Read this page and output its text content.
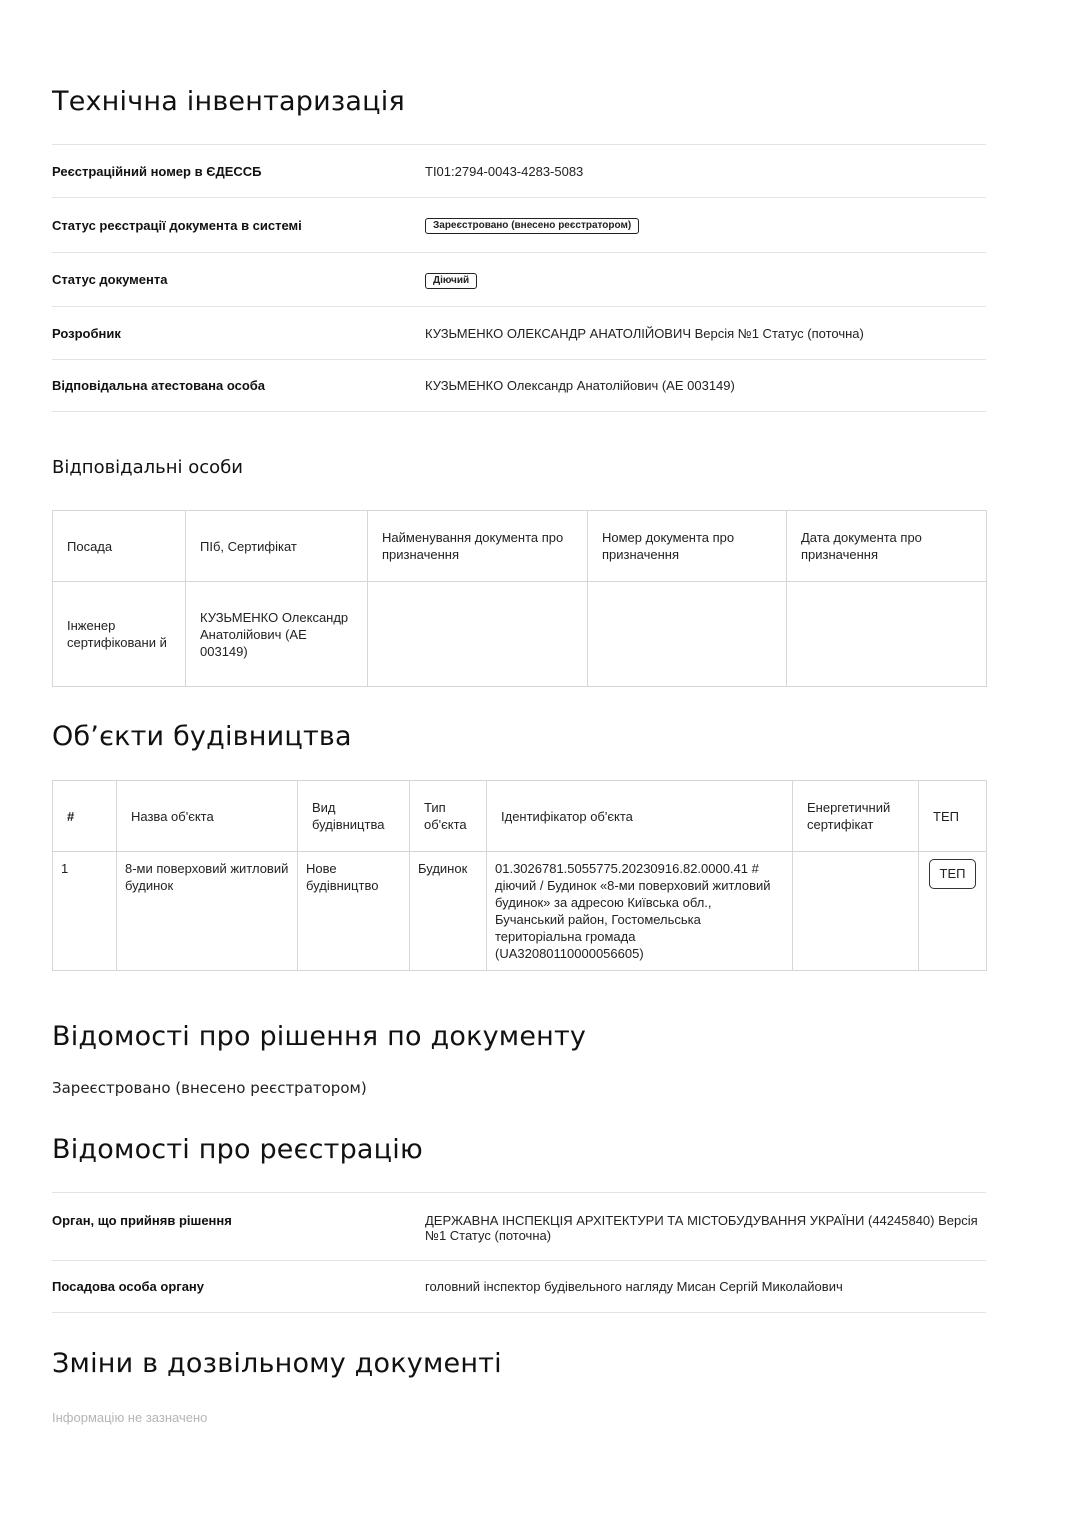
Технічна інвентаризація
Реєстраційний номер в ЄДЕССБ	ТІ01:2794-0043-4283-5083
Статус реєстрації документа в системі	Зареєстровано (внесено реєстратором)
Статус документа	Діючий
Розробник	КУЗЬМЕНКО ОЛЕКСАНДР АНАТОЛІЙОВИЧ Версія №1 Статус (поточна)
Відповідальна атестована особа	КУЗЬМЕНКО Олександр Анатолійович (АЕ 003149)
Відповідальні особи
Посада	ПІб, Сертифікат	Найменування документа про призначення	Номер документа про призначення	Дата документа про призначення
Інженер сертифіковани й	КУЗЬМЕНКО Олександр Анатолійович (АЕ 003149)			
Об’єкти будівництва
#	Назва об'єкта	Вид будівництва	Тип об'єкта	Ідентифікатор об'єкта	Енергетичний сертифікат	ТЕП
1	8-ми поверховий житловий будинок	Нове будівництво	Будинок	01.3026781.5055775.20230916.82.0000.41 # діючий / Будинок «8-ми поверховий житловий будинок» за адресою Київська обл., Бучанський район, Гостомельська територіальна громада (UA32080110000056605)		ТЕП
Відомості про рішення по документу
Зареєстровано (внесено реєстратором)
Відомості про реєстрацію
Орган, що прийняв рішення	ДЕРЖАВНА ІНСПЕКЦІЯ АРХІТЕКТУРИ ТА МІСТОБУДУВАННЯ УКРАЇНИ (44245840) Версія №1 Статус (поточна)
Посадова особа органу	головний інспектор будівельного нагляду Мисан Сергій Миколайович
Зміни в дозвільному документі
Інформацію не зазначено
